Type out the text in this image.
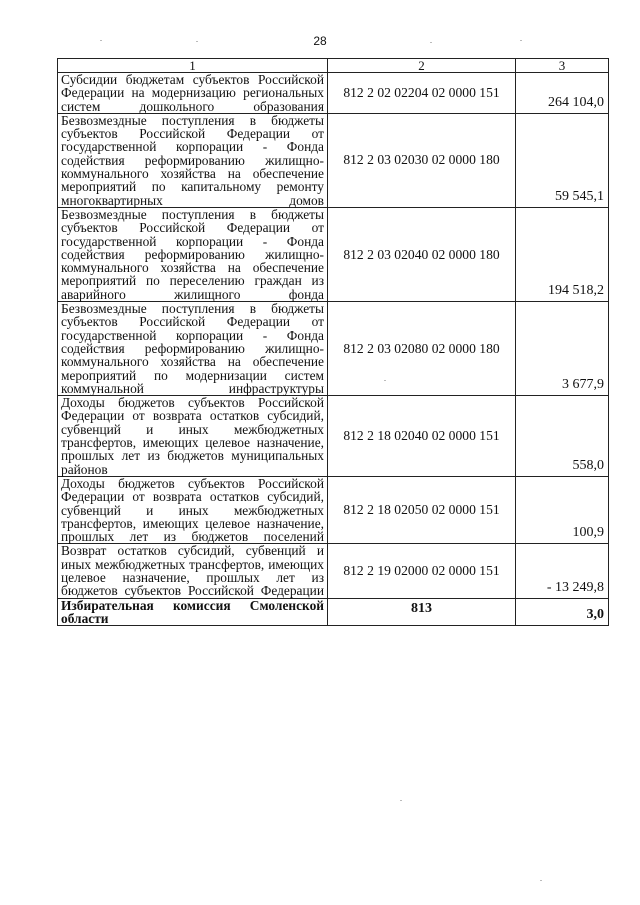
28
1	2	3
Субсидии бюджетам субъектов Российской Федерации на модернизацию региональных систем дошкольного образования	812 2 02 02204 02 0000 151	264 104,0
Безвозмездные поступления в бюджеты субъектов Российской Федерации от государственной корпорации - Фонда содействия реформированию жилищно-коммунального хозяйства на обеспечение мероприятий по капитальному ремонту многоквартирных домов	812 2 03 02030 02 0000 180	59 545,1
Безвозмездные поступления в бюджеты субъектов Российской Федерации от государственной корпорации - Фонда содействия реформированию жилищно-коммунального хозяйства на обеспечение мероприятий по переселению граждан из аварийного жилищного фонда	812 2 03 02040 02 0000 180	194 518,2
Безвозмездные поступления в бюджеты субъектов Российской Федерации от государственной корпорации - Фонда содействия реформированию жилищно-коммунального хозяйства на обеспечение мероприятий по модернизации систем коммунальной инфраструктуры	812 2 03 02080 02 0000 180	3 677,9
Доходы бюджетов субъектов Российской Федерации от возврата остатков субсидий, субвенций и иных межбюджетных трансфертов, имеющих целевое назначение, прошлых лет из бюджетов муниципальных районов	812 2 18 02040 02 0000 151	558,0
Доходы бюджетов субъектов Российской Федерации от возврата остатков субсидий, субвенций и иных межбюджетных трансфертов, имеющих целевое назначение, прошлых лет из бюджетов поселений	812 2 18 02050 02 0000 151	100,9
Возврат остатков субсидий, субвенций и иных межбюджетных трансфертов, имеющих целевое назначение, прошлых лет из бюджетов субъектов Российской Федерации	812 2 19 02000 02 0000 151	- 13 249,8
Избирательная комиссия Смоленской области	813	3,0
